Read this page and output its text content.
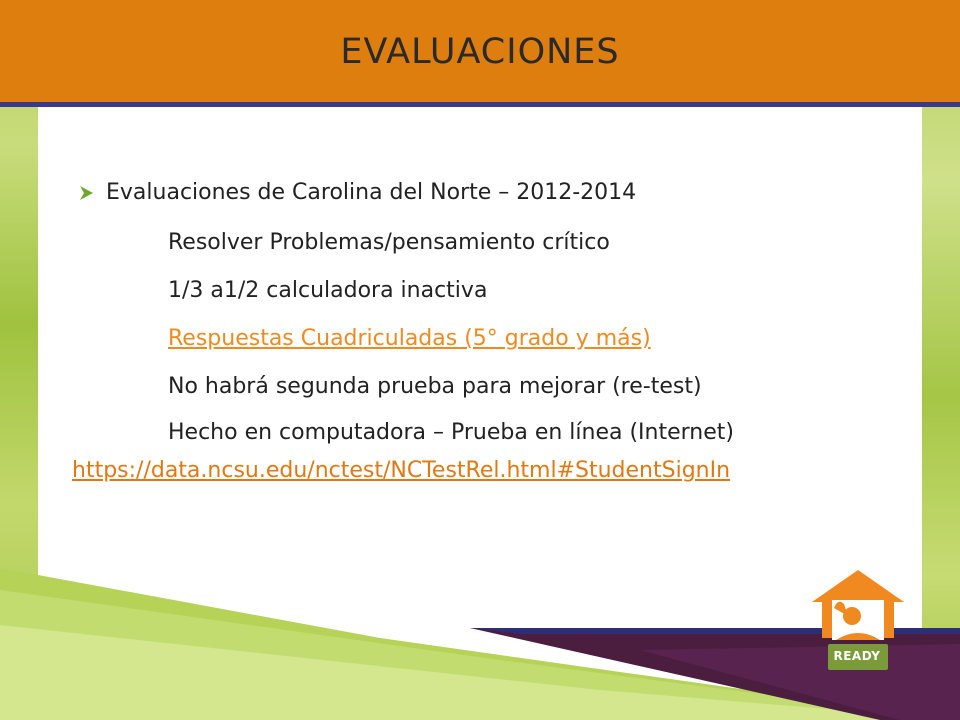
EVALUACIONES
Evaluaciones de Carolina del Norte – 2012-2014
Resolver Problemas/pensamiento crítico
1/3 a1/2 calculadora inactiva
Respuestas Cuadriculadas (5° grado y más)
No habrá segunda prueba para mejorar (re-test)
Hecho en computadora – Prueba en línea (Internet)
https://data.ncsu.edu/nctest/NCTestRel.html#StudentSignIn
READY
